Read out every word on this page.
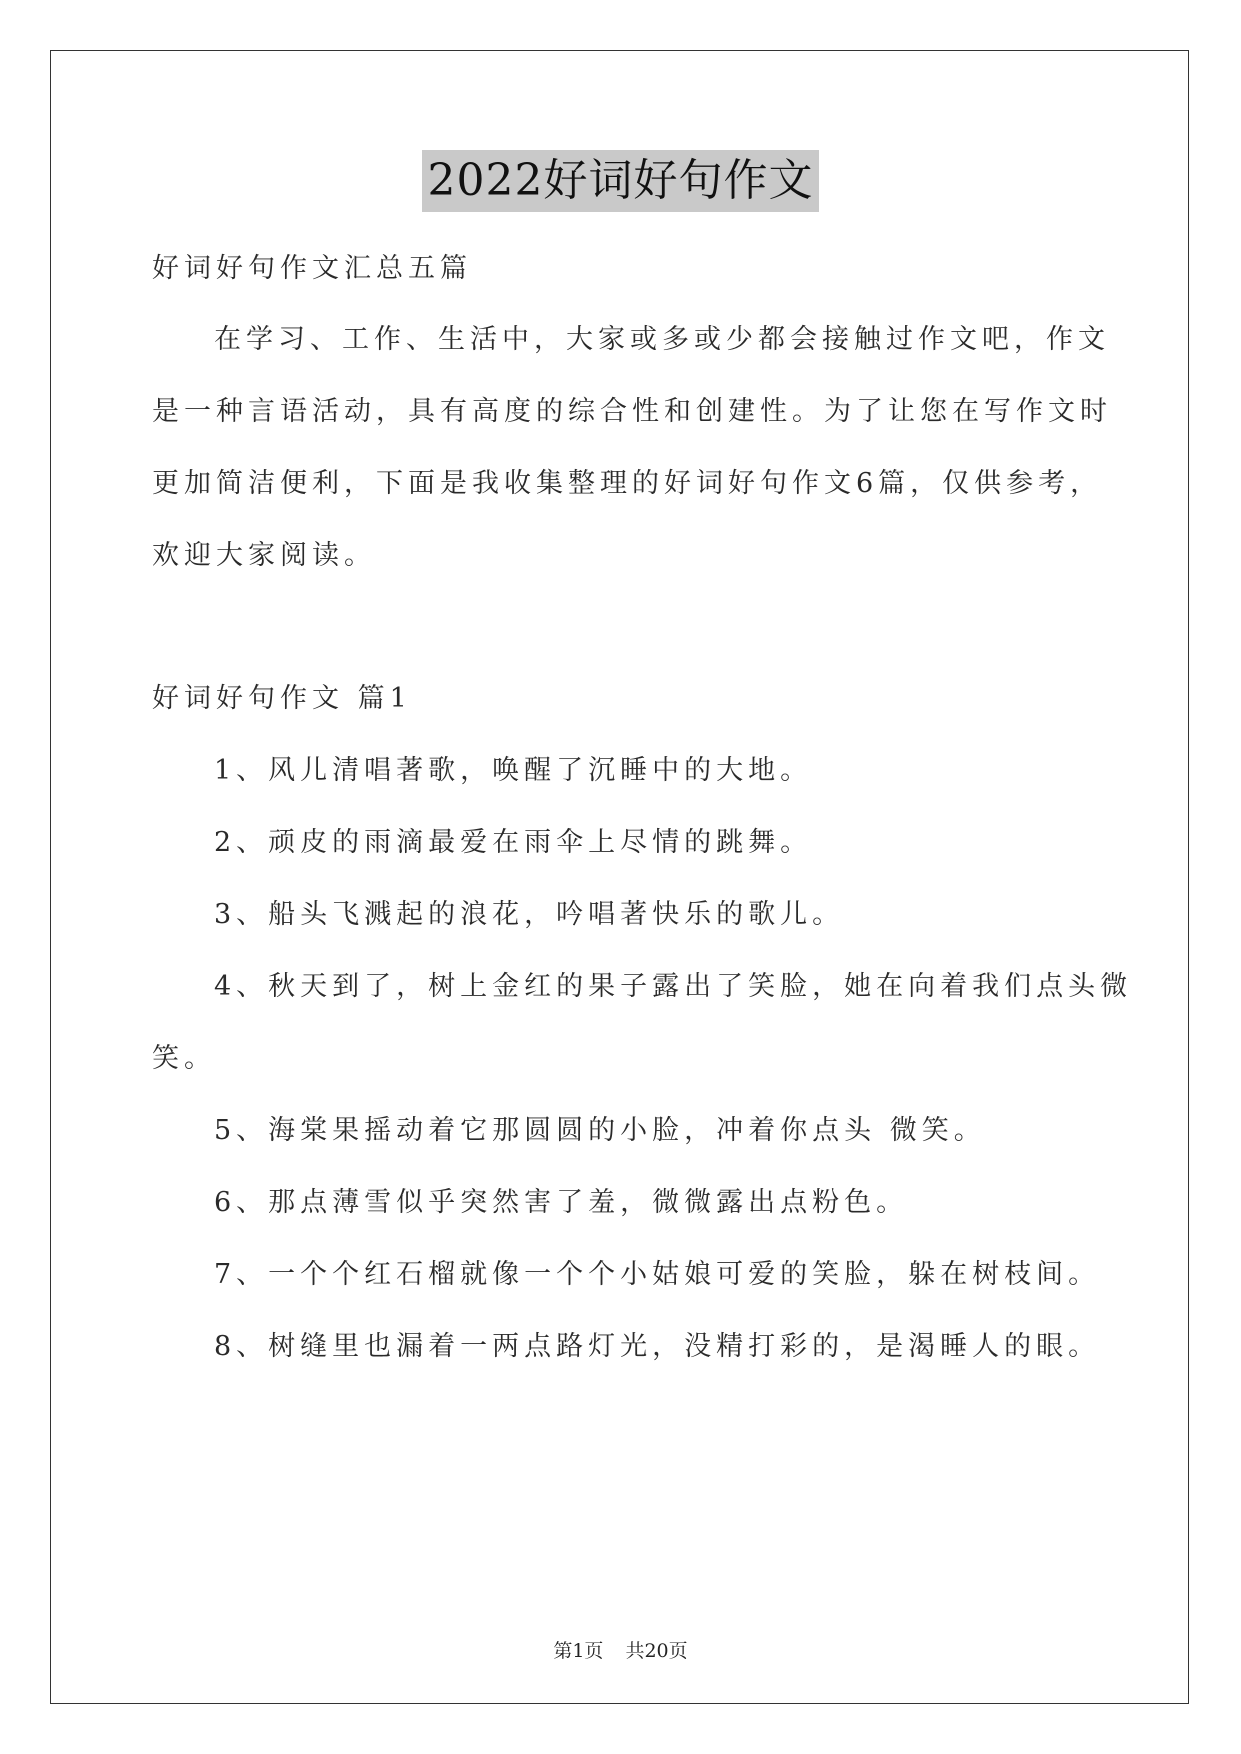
2022好词好句作文
好词好句作文汇总五篇
在学习、工作、生活中，大家或多或少都会接触过作文吧，作文
是一种言语活动，具有高度的综合性和创建性。为了让您在写作文时
更加简洁便利，下面是我收集整理的好词好句作文6篇，仅供参考，
欢迎大家阅读。
好词好句作文 篇1
1、风儿清唱著歌，唤醒了沉睡中的大地。
2、顽皮的雨滴最爱在雨伞上尽情的跳舞。
3、船头飞溅起的浪花，吟唱著快乐的歌儿。
4、秋天到了，树上金红的果子露出了笑脸，她在向着我们点头微
笑。
5、海棠果摇动着它那圆圆的小脸，冲着你点头 微笑。
6、那点薄雪似乎突然害了羞，微微露出点粉色。
7、一个个红石榴就像一个个小姑娘可爱的笑脸，躲在树枝间。
8、树缝里也漏着一两点路灯光，没精打彩的，是渴睡人的眼。
第1页 共20页
